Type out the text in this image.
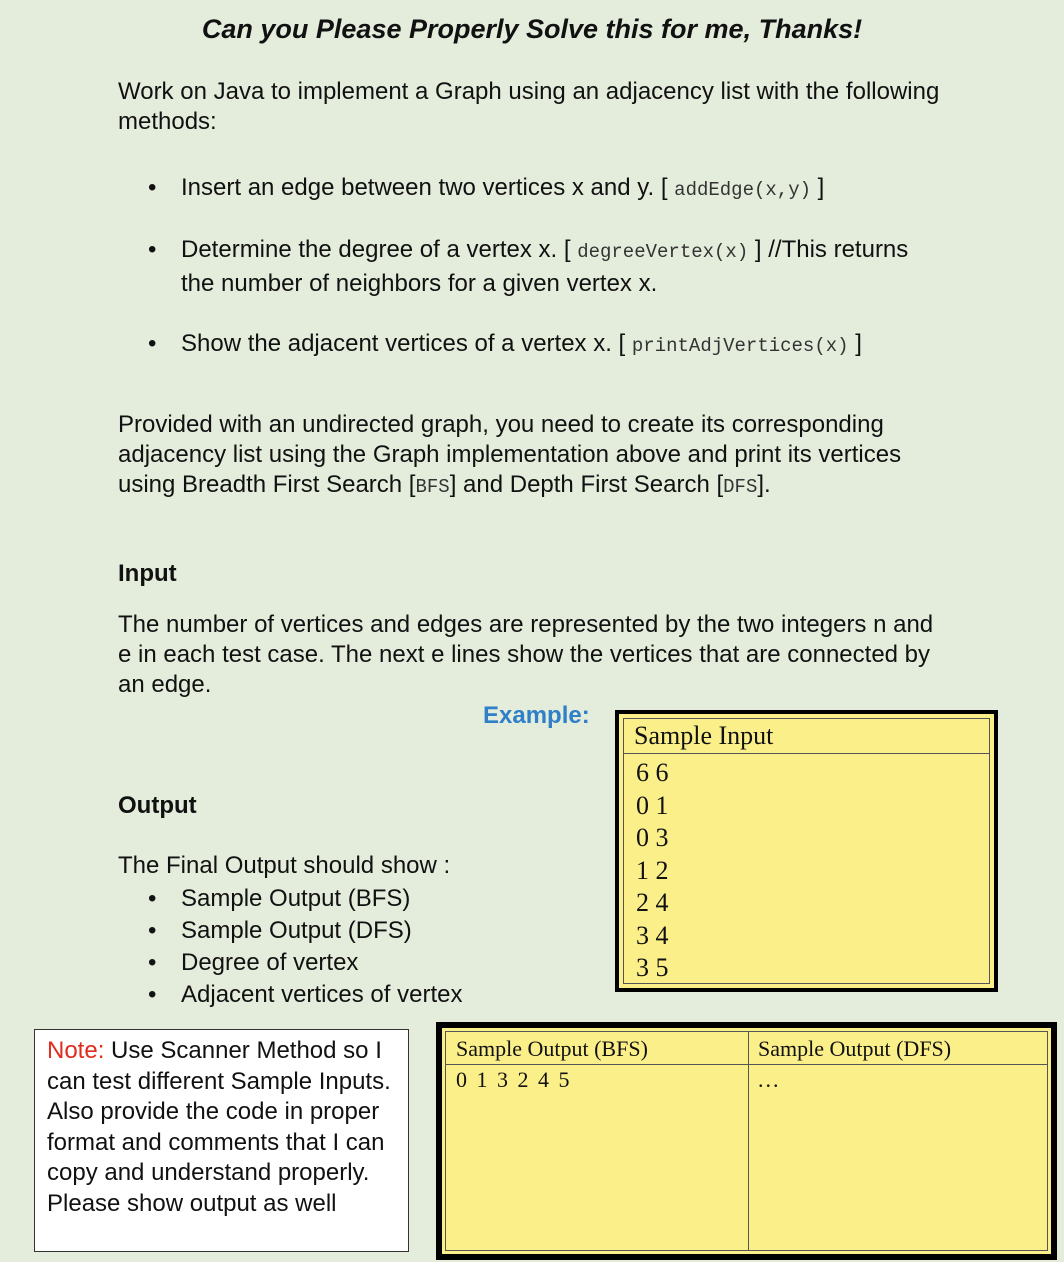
Can you Please Properly Solve this for me, Thanks!
Work on Java to implement a Graph using an adjacency list with the following methods:
• Insert an edge between two vertices x and y. [ addEdge(x,y) ]
• Determine the degree of a vertex x. [ degreeVertex(x) ] //This returns the number of neighbors for a given vertex x.
• Show the adjacent vertices of a vertex x. [ printAdjVertices(x) ]
Provided with an undirected graph, you need to create its corresponding adjacency list using the Graph implementation above and print its vertices using Breadth First Search [BFS] and Depth First Search [DFS].
Input
The number of vertices and edges are represented by the two integers n and e in each test case. The next e lines show the vertices that are connected by an edge.
Example:
Output
The Final Output should show :
• Sample Output (BFS)
• Sample Output (DFS)
• Degree of vertex
• Adjacent vertices of vertex
Sample Input
6 6
0 1
0 3
1 2
2 4
3 4
3 5
Note: Use Scanner Method so I can test different Sample Inputs. Also provide the code in proper format and comments that I can copy and understand properly. Please show output as well
Sample Output (BFS)
0 1 3 2 4 5
Sample Output (DFS)
...
